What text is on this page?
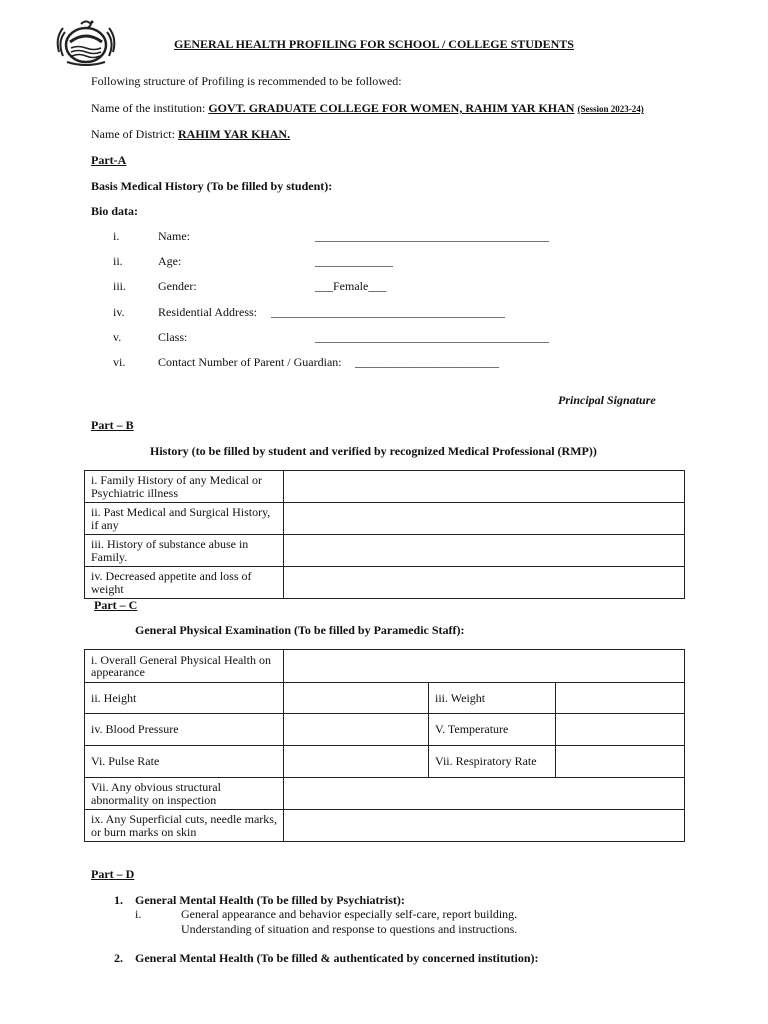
GENERAL HEALTH PROFILING FOR SCHOOL / COLLEGE STUDENTS
Following structure of Profiling is recommended to be followed:
Name of the institution: GOVT. GRADUATE COLLEGE FOR WOMEN, RAHIM YAR KHAN (Session 2023-24)
Name of District: RAHIM YAR KHAN.
Part-A
Basis Medical History (To be filled by student):
Bio data:
i.	Name:	_______________________________________
ii.	Age:	_____________
iii.	Gender:	___Female___
iv.	Residential Address: _______________________________________
v.	Class:	_______________________________________
vi.	Contact Number of Parent / Guardian: ________________________
Principal Signature
Part – B
History (to be filled by student and verified by recognized Medical Professional (RMP))
i. Family History of any Medical or Psychiatric illness	
ii. Past Medical and Surgical History, if any	
iii. History of substance abuse in Family.	
iv. Decreased appetite and loss of weight	
Part – C
General Physical Examination (To be filled by Paramedic Staff):
i. Overall General Physical Health on appearance			
ii. Height		iii. Weight	
iv. Blood Pressure		V. Temperature	
Vi. Pulse Rate		Vii. Respiratory Rate	
Vii. Any obvious structural abnormality on inspection			
ix. Any Superficial cuts, needle marks, or burn marks on skin			
Part – D
1. General Mental Health (To be filled by Psychiatrist):
i.	General appearance and behavior especially self-care, report building.
Understanding of situation and response to questions and instructions.
2. General Mental Health (To be filled & authenticated by concerned institution):
